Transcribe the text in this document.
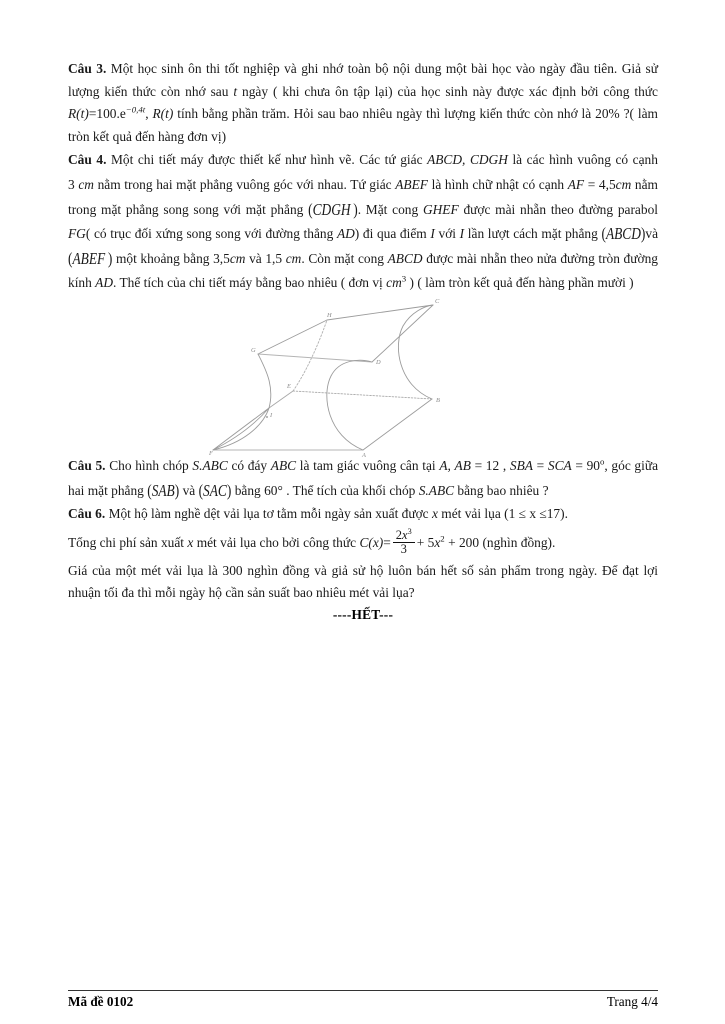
Câu 3. Một học sinh ôn thi tốt nghiệp và ghi nhớ toàn bộ nội dung một bài học vào ngày đầu tiên. Giả sử lượng kiến thức còn nhớ sau t ngày ( khi chưa ôn tập lại) của học sinh này được xác định bởi công thức $R(t)=100.e^{-0,4t}$, R(t) tính bằng phần trăm. Hỏi sau bao nhiêu ngày thì lượng kiến thức còn nhớ là 20% ?( làm tròn kết quả đến hàng đơn vị)

Câu 4. Một chi tiết máy được thiết kế như hình vẽ. Các tứ giác ABCD, CDGH là các hình vuông có cạnh 3 cm nằm trong hai mặt phẳng vuông góc với nhau. Tứ giác ABEF là hình chữ nhật có cạnh AF = 4,5cm nằm trong mặt phẳng song song với mặt phẳng (CDGH ). Mặt cong GHEF được mài nhẵn theo đường parabol FG( có trục đối xứng song song với đường thẳng AD) đi qua điểm I với I lần lượt cách mặt phẳng (ABCD)và (ABEF ) một khoảng bằng 3,5cm và 1,5 cm. Còn mặt cong ABCD được mài nhẵn theo nửa đường tròn đường kính AD. Thể tích của chi tiết máy bằng bao nhiêu ( đơn vị $cm^3$ ) ( làm tròn kết quả đến hàng phần mười )

C
H
G
D
I
E
B
F	A

Câu 5. Cho hình chóp S.ABC có đáy ABC là tam giác vuông cân tại A, AB = 12 , SBA = SCA = $90^o$, góc giữa hai mặt phẳng (SAB) và (SAC) bằng 60° . Thể tích của khối chóp S.ABC bằng bao nhiêu ?

Câu 6. Một hộ làm nghề dệt vải lụa tơ tằm mỗi ngày sản xuất được x mét vải lụa (1 ≤ x ≤17).

Tổng chi phí sản xuất x mét vải lụa cho bởi công thức $C(x)= \frac{2x^3}{3} + 5x^2 + 200$ (nghìn đồng).

Giá của một mét vải lụa là 300 nghìn đồng và giả sử hộ luôn bán hết số sản phẩm trong ngày. Để đạt lợi nhuận tối đa thì mỗi ngày hộ cần sản suất bao nhiêu mét vải lụa?

----HẾT---
Mã đề 0102	Trang 4/4
